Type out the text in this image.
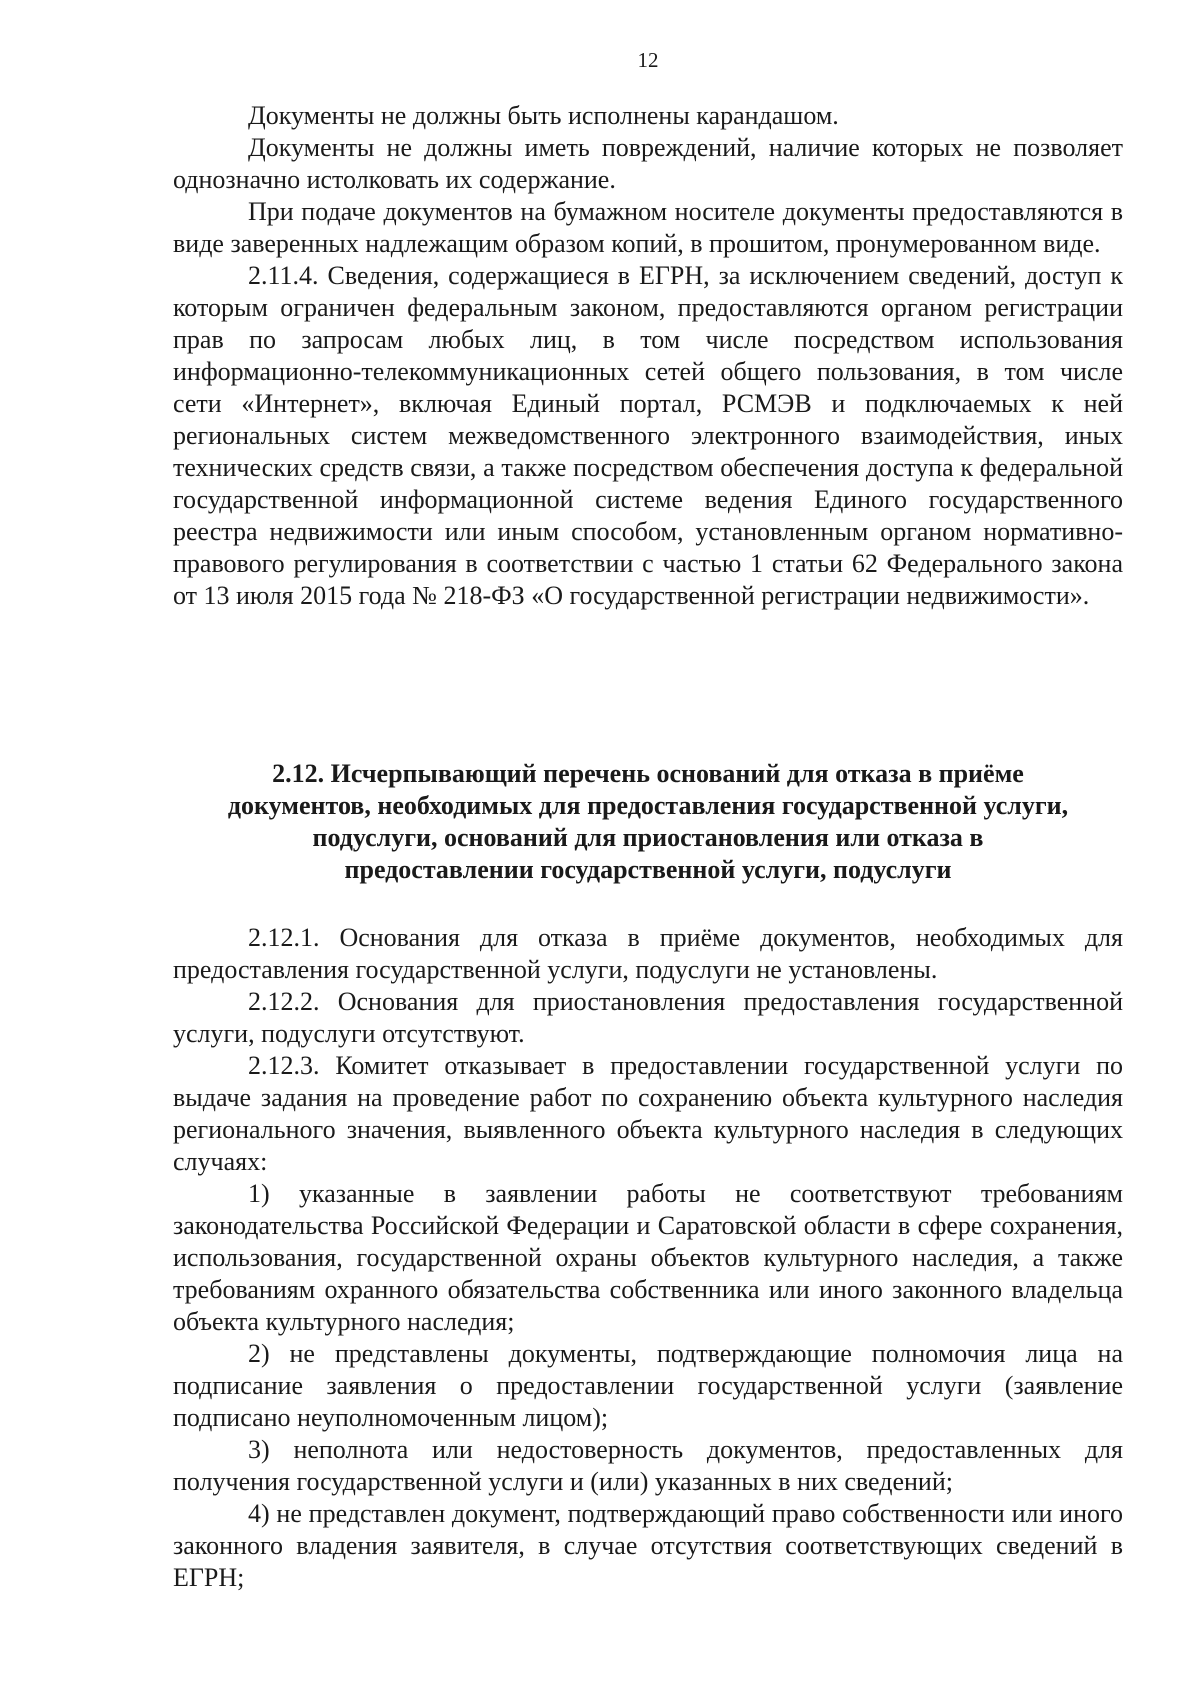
12

Документы не должны быть исполнены карандашом.

Документы не должны иметь повреждений, наличие которых не позволяет однозначно истолковать их содержание.

При подаче документов на бумажном носителе документы предоставляются в виде заверенных надлежащим образом копий, в прошитом, пронумерованном виде.

2.11.4. Сведения, содержащиеся в ЕГРН, за исключением сведений, доступ к которым ограничен федеральным законом, предоставляются органом регистрации прав по запросам любых лиц, в том числе посредством использования информационно-телекоммуникационных сетей общего пользования, в том числе сети «Интернет», включая Единый портал, РСМЭВ и подключаемых к ней региональных систем межведомственного электронного взаимодействия, иных технических средств связи, а также посредством обеспечения доступа к федеральной государственной информационной системе ведения Единого государственного реестра недвижимости или иным способом, установленным органом нормативно-правового регулирования в соответствии с частью 1 статьи 62 Федерального закона от 13 июля 2015 года № 218-ФЗ «О государственной регистрации недвижимости».

2.12. Исчерпывающий перечень оснований для отказа в приёме
документов, необходимых для предоставления государственной услуги,
подуслуги, оснований для приостановления или отказа в
предоставлении государственной услуги, подуслуги

2.12.1. Основания для отказа в приёме документов, необходимых для предоставления государственной услуги, подуслуги не установлены.

2.12.2. Основания для приостановления предоставления государственной услуги, подуслуги отсутствуют.

2.12.3. Комитет отказывает в предоставлении государственной услуги по выдаче задания на проведение работ по сохранению объекта культурного наследия регионального значения, выявленного объекта культурного наследия в следующих случаях:

1) указанные в заявлении работы не соответствуют требованиям законодательства Российской Федерации и Саратовской области в сфере сохранения, использования, государственной охраны объектов культурного наследия, а также требованиям охранного обязательства собственника или иного законного владельца объекта культурного наследия;

2) не представлены документы, подтверждающие полномочия лица на подписание заявления о предоставлении государственной услуги (заявление подписано неуполномоченным лицом);

3) неполнота или недостоверность документов, предоставленных для получения государственной услуги и (или) указанных в них сведений;

4) не представлен документ, подтверждающий право собственности или иного законного владения заявителя, в случае отсутствия соответствующих сведений в ЕГРН;
